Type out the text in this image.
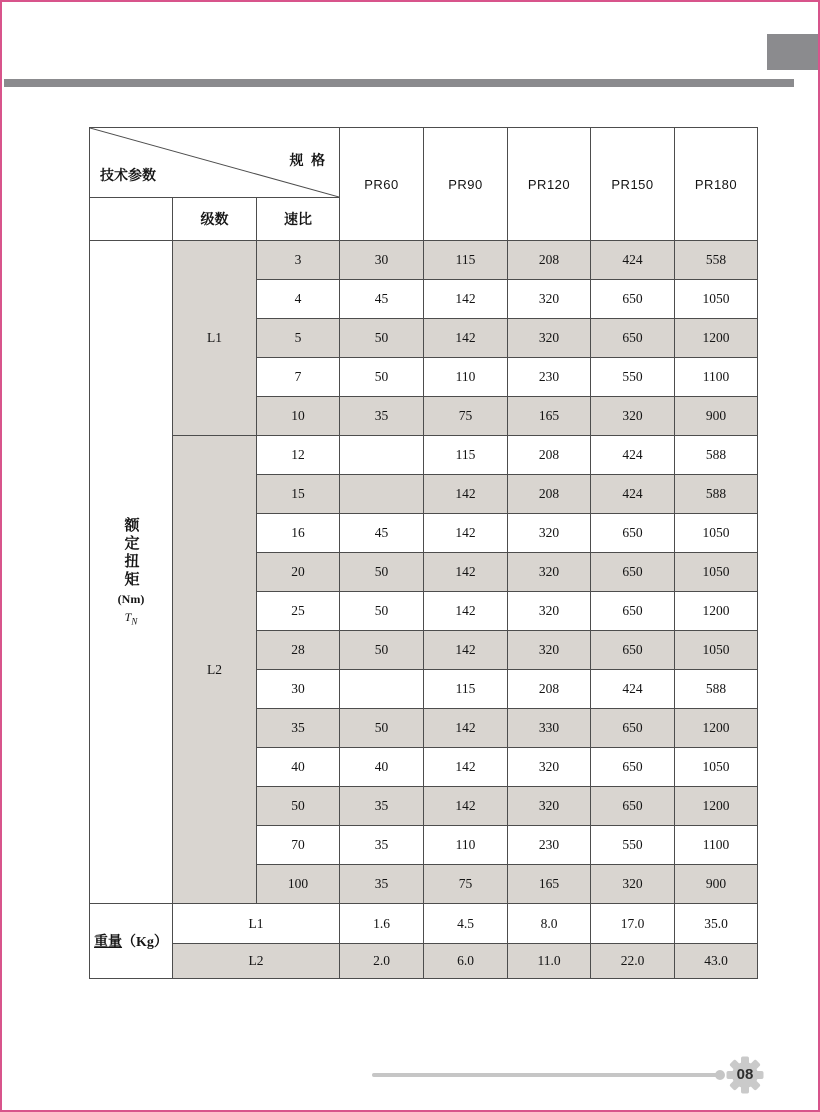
规 格
技术参数			PR60	PR90	PR120	PR150	PR180
	级数	速比					

额定扭矩
(Nm)
$T_N$	L1	3	30	115	208	424	558
		4	45	142	320	650	1050
		5	50	142	320	650	1200
		7	50	110	230	550	1100
		10	35	75	165	320	900
	L2	12		115	208	424	588
		15		142	208	424	588
		16	45	142	320	650	1050
		20	50	142	320	650	1050
		25	50	142	320	650	1200
		28	50	142	320	650	1050
		30		115	208	424	588
		35	50	142	330	650	1200
		40	40	142	320	650	1050
		50	35	142	320	650	1200
		70	35	110	230	550	1100
		100	35	75	165	320	900
重量（Kg）	L1		1.6	4.5	8.0	17.0	35.0
	L2		2.0	6.0	11.0	22.0	43.0
08
